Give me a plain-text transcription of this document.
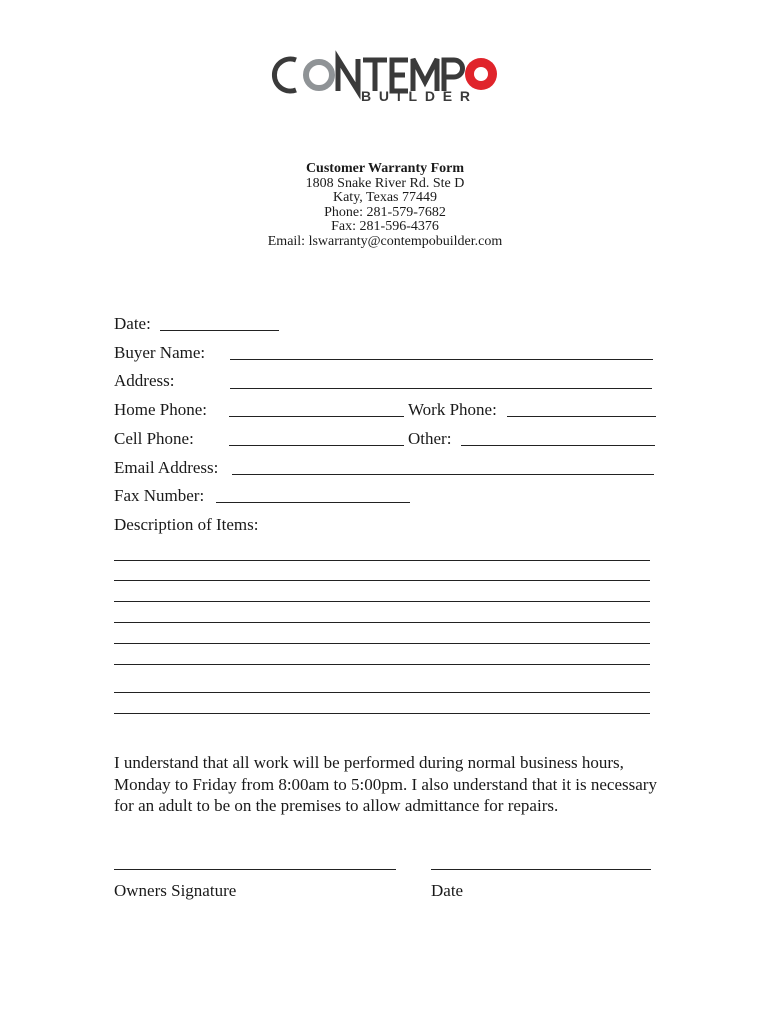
BUILDER
Customer Warranty Form
1808 Snake River Rd. Ste D
Katy, Texas 77449
Phone: 281-579-7682
Fax: 281-596-4376
Email: lswarranty@contempobuilder.com
Date:
Buyer Name:
Address:
Home Phone:	Work Phone:
Cell Phone:	Other:
Email Address:
Fax Number:
Description of Items:
I understand that all work will be performed during normal business hours, Monday to Friday from 8:00am to 5:00pm. I also understand that it is necessary for an adult to be on the premises to allow admittance for repairs.
Owners Signature	Date
